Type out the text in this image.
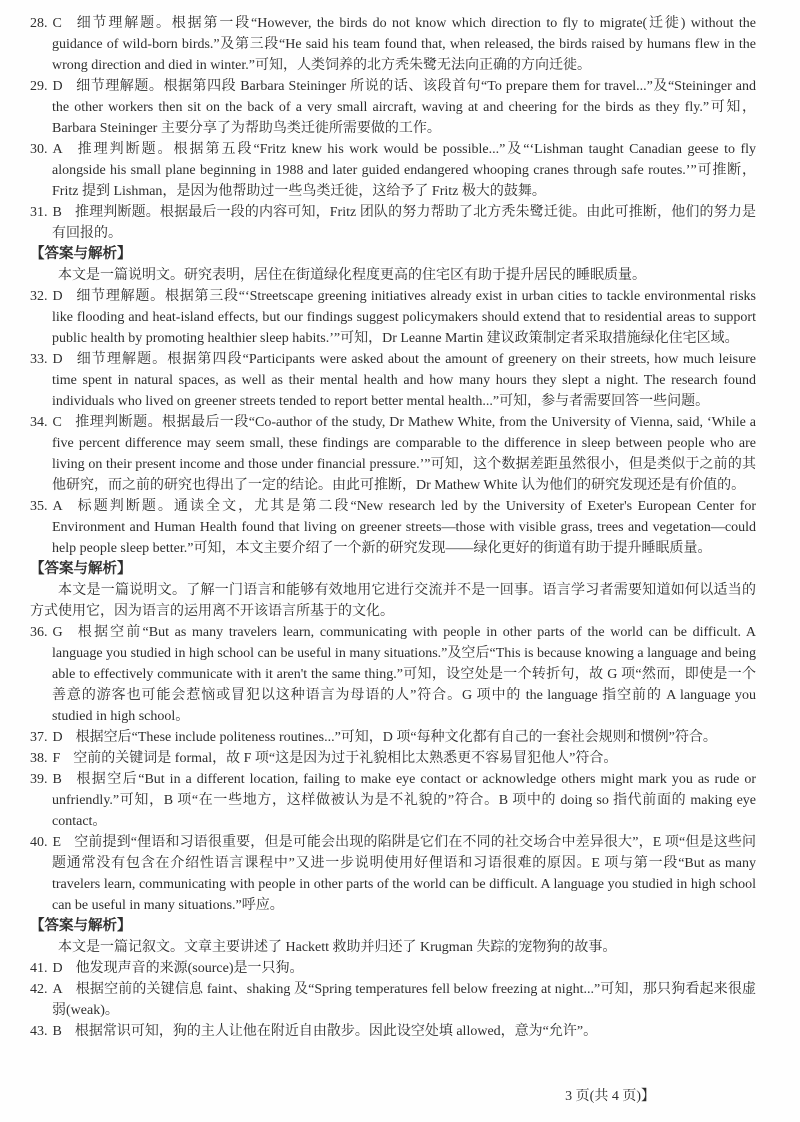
28. C 细节理解题。根据第一段“However, the birds do not know which direction to fly to migrate(迁徙) without the guidance of wild-born birds.”及第三段“He said his team found that, when released, the birds raised by humans flew in the wrong direction and died in winter.”可知，人类饲养的北方秃朱鹭无法向正确的方向迁徙。
29. D 细节理解题。根据第四段 Barbara Steininger 所说的话、该段首句“To prepare them for travel...”及“Steininger and the other workers then sit on the back of a very small aircraft, waving at and cheering for the birds as they fly.”可知，Barbara Steininger 主要分享了为帮助鸟类迁徙所需要做的工作。
30. A 推理判断题。根据第五段“Fritz knew his work would be possible...”及“‘Lishman taught Canadian geese to fly alongside his small plane beginning in 1988 and later guided endangered whooping cranes through safe routes.’”可推断，Fritz 提到 Lishman，是因为他帮助过一些鸟类迁徙，这给予了 Fritz 极大的鼓舞。
31. B 推理判断题。根据最后一段的内容可知，Fritz 团队的努力帮助了北方秃朱鹭迁徙。由此可推断，他们的努力是有回报的。
【答案与解析】
本文是一篇说明文。研究表明，居住在街道绿化程度更高的住宅区有助于提升居民的睡眠质量。
32. D 细节理解题。根据第三段“‘Streetscape greening initiatives already exist in urban cities to tackle environmental risks like flooding and heat-island effects, but our findings suggest policymakers should extend that to residential areas to support public health by promoting healthier sleep habits.’”可知，Dr Leanne Martin 建议政策制定者采取措施绿化住宅区域。
33. D 细节理解题。根据第四段“Participants were asked about the amount of greenery on their streets, how much leisure time spent in natural spaces, as well as their mental health and how many hours they slept a night. The research found individuals who lived on greener streets tended to report better mental health...”可知，参与者需要回答一些问题。
34. C 推理判断题。根据最后一段“Co-author of the study, Dr Mathew White, from the University of Vienna, said, ‘While a five percent difference may seem small, these findings are comparable to the difference in sleep between people who are living on their present income and those under financial pressure.’”可知，这个数据差距虽然很小，但是类似于之前的其他研究，而之前的研究也得出了一定的结论。由此可推断，Dr Mathew White 认为他们的研究发现还是有价值的。
35. A 标题判断题。通读全文，尤其是第二段“New research led by the University of Exeter's European Center for Environment and Human Health found that living on greener streets—those with visible grass, trees and vegetation—could help people sleep better.”可知，本文主要介绍了一个新的研究发现——绿化更好的街道有助于提升睡眠质量。
【答案与解析】
本文是一篇说明文。了解一门语言和能够有效地用它进行交流并不是一回事。语言学习者需要知道如何以适当的方式使用它，因为语言的运用离不开该语言所基于的文化。
36. G 根据空前“But as many travelers learn, communicating with people in other parts of the world can be difficult. A language you studied in high school can be useful in many situations.”及空后“This is because knowing a language and being able to effectively communicate with it aren't the same thing.”可知，设空处是一个转折句，故 G 项“然而，即使是一个善意的游客也可能会惹恼或冒犯以这种语言为母语的人”符合。G 项中的 the language 指空前的 A language you studied in high school。
37. D 根据空后“These include politeness routines...”可知，D 项“每种文化都有自己的一套社会规则和惯例”符合。
38. F 空前的关键词是 formal，故 F 项“这是因为过于礼貌相比太熟悉更不容易冒犯他人”符合。
39. B 根据空后“But in a different location, failing to make eye contact or acknowledge others might mark you as rude or unfriendly.”可知，B 项“在一些地方，这样做被认为是不礼貌的”符合。B 项中的 doing so 指代前面的 making eye contact。
40. E 空前提到“俚语和习语很重要，但是可能会出现的陷阱是它们在不同的社交场合中差异很大”，E 项“但是这些问题通常没有包含在介绍性语言课程中”又进一步说明使用好俚语和习语很难的原因。E 项与第一段“But as many travelers learn, communicating with people in other parts of the world can be difficult. A language you studied in high school can be useful in many situations.”呼应。
【答案与解析】
本文是一篇记叙文。文章主要讲述了 Hackett 救助并归还了 Krugman 失踪的宠物狗的故事。
41. D 他发现声音的来源(source)是一只狗。
42. A 根据空前的关键信息 faint、shaking 及“Spring temperatures fell below freezing at night...”可知，那只狗看起来很虚弱(weak)。
43. B 根据常识可知，狗的主人让他在附近自由散步。因此设空处填 allowed，意为“允许”。
3 页(共 4 页)】
